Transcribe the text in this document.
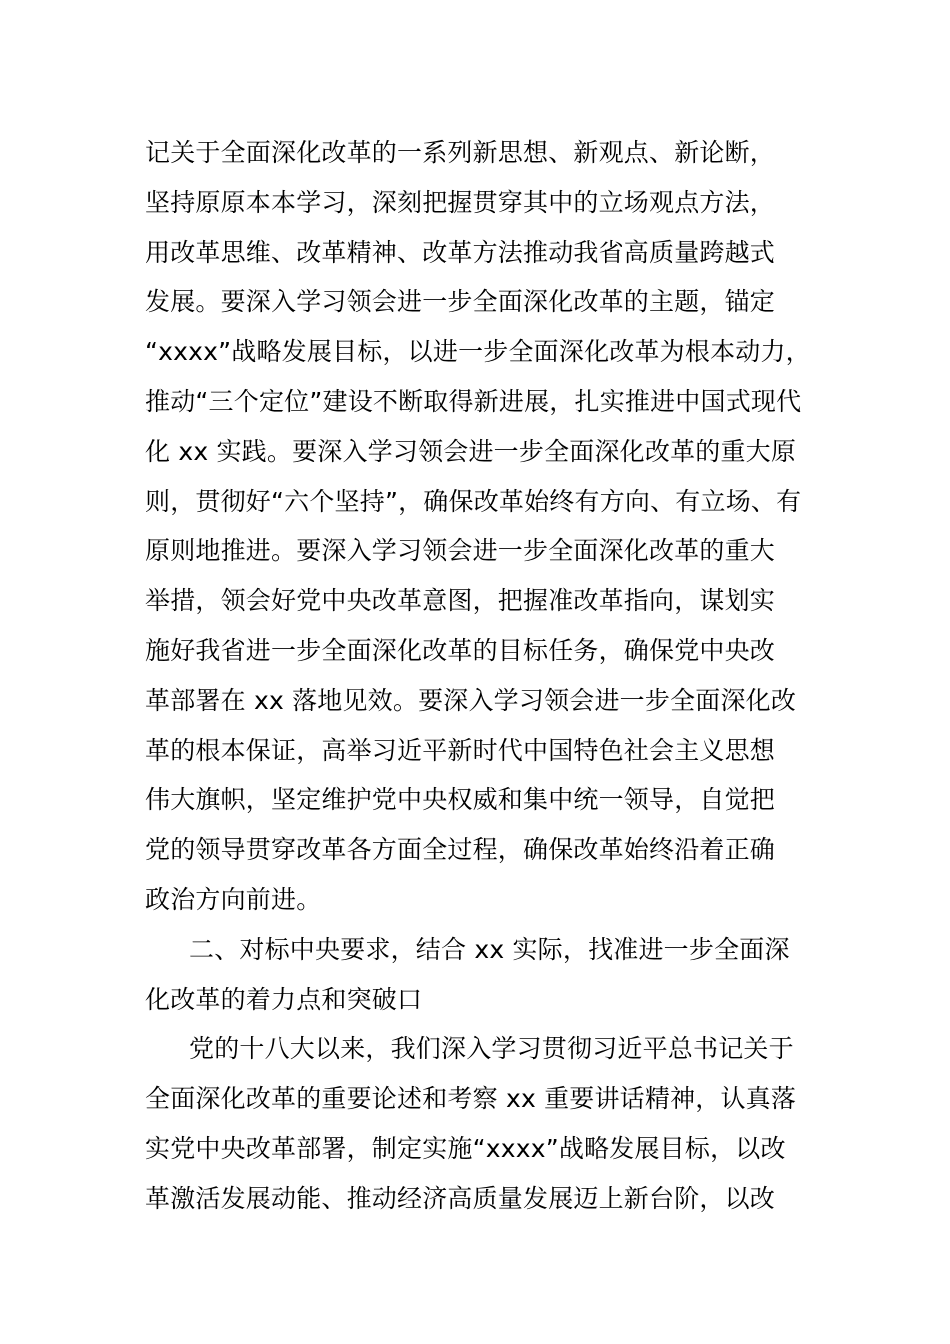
记关于全面深化改革的一系列新思想、新观点、新论断，
坚持原原本本学习，深刻把握贯穿其中的立场观点方法，
用改革思维、改革精神、改革方法推动我省高质量跨越式
发展。要深入学习领会进一步全面深化改革的主题，锚定
“xxxx”战略发展目标，以进一步全面深化改革为根本动力，
推动“三个定位”建设不断取得新进展，扎实推进中国式现代
化 xx 实践。要深入学习领会进一步全面深化改革的重大原
则，贯彻好“六个坚持”，确保改革始终有方向、有立场、有
原则地推进。要深入学习领会进一步全面深化改革的重大
举措，领会好党中央改革意图，把握准改革指向，谋划实
施好我省进一步全面深化改革的目标任务，确保党中央改
革部署在 xx 落地见效。要深入学习领会进一步全面深化改
革的根本保证，高举习近平新时代中国特色社会主义思想
伟大旗帜，坚定维护党中央权威和集中统一领导，自觉把
党的领导贯穿改革各方面全过程，确保改革始终沿着正确
政治方向前进。
二、对标中央要求，结合 xx 实际，找准进一步全面深
化改革的着力点和突破口
党的十八大以来，我们深入学习贯彻习近平总书记关于
全面深化改革的重要论述和考察 xx 重要讲话精神，认真落
实党中央改革部署，制定实施“xxxx”战略发展目标，以改
革激活发展动能、推动经济高质量发展迈上新台阶，以改
